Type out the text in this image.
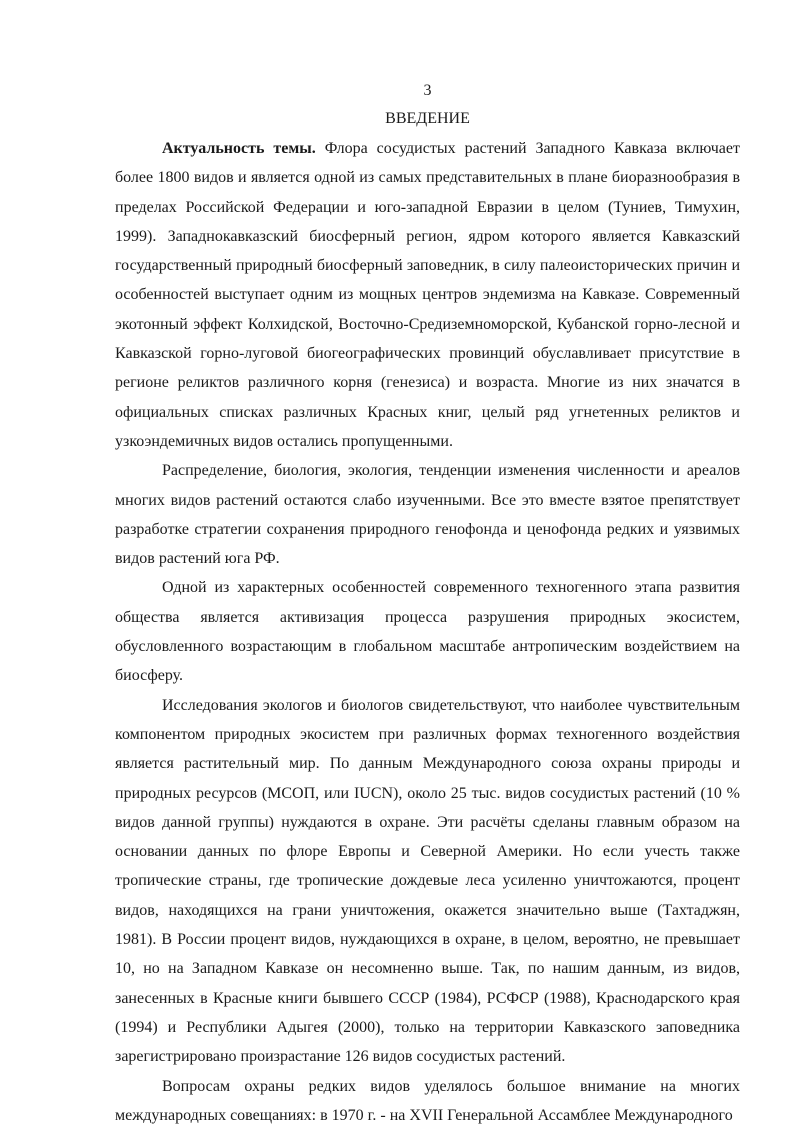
3
ВВЕДЕНИЕ

Актуальность темы. Флора сосудистых растений Западного Кавказа включает более 1800 видов и является одной из самых представительных в плане биоразнообразия в пределах Российской Федерации и юго-западной Евразии в целом (Туниев, Тимухин, 1999). Западнокавказский биосферный регион, ядром которого является Кавказский государственный природный биосферный заповедник, в силу палеоисторических причин и особенностей выступает одним из мощных центров эндемизма на Кавказе. Современный экотонный эффект Колхидской, Восточно-Средиземноморской, Кубанской горно-лесной и Кавказской горно-луговой биогеографических провинций обуславливает присутствие в регионе реликтов различного корня (генезиса) и возраста. Многие из них значатся в официальных списках различных Красных книг, целый ряд угнетенных реликтов и узкоэндемичных видов остались пропущенными.

Распределение, биология, экология, тенденции изменения численности и ареалов многих видов растений остаются слабо изученными. Все это вместе взятое препятствует разработке стратегии сохранения природного генофонда и ценофонда редких и уязвимых видов растений юга РФ.

Одной из характерных особенностей современного техногенного этапа развития общества является активизация процесса разрушения природных экосистем, обусловленного возрастающим в глобальном масштабе антропическим воздействием на биосферу.

Исследования экологов и биологов свидетельствуют, что наиболее чувствительным компонентом природных экосистем при различных формах техногенного воздействия является растительный мир. По данным Международного союза охраны природы и природных ресурсов (МСОП, или IUCN), около 25 тыс. видов сосудистых растений (10 % видов данной группы) нуждаются в охране. Эти расчёты сделаны главным образом на основании данных по флоре Европы и Северной Америки. Но если учесть также тропические страны, где тропические дождевые леса усиленно уничтожаются, процент видов, находящихся на грани уничтожения, окажется значительно выше (Тахтаджян, 1981). В России процент видов, нуждающихся в охране, в целом, вероятно, не превышает 10, но на Западном Кавказе он несомненно выше. Так, по нашим данным, из видов, занесенных в Красные книги бывшего СССР (1984), РСФСР (1988), Краснодарского края (1994) и Республики Адыгея (2000), только на территории Кавказского заповедника зарегистрировано произрастание 126 видов сосудистых растений.

Вопросам охраны редких видов уделялось большое внимание на многих международных совещаниях: в 1970 г. - на XVII Генеральной Ассамблее Международного
